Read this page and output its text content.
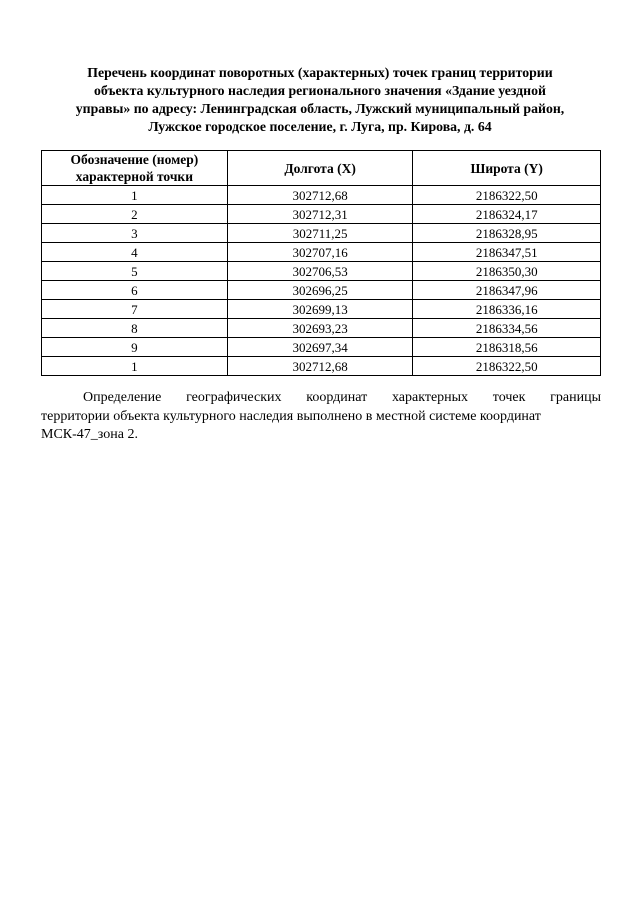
Перечень координат поворотных (характерных) точек границ территории
объекта культурного наследия регионального значения «Здание уездной
управы» по адресу: Ленинградская область, Лужский муниципальный район,
Лужское городское поселение, г. Луга, пр. Кирова, д. 64
Обозначение (номер) характерной точки	Долгота (X)	Широта (Y)
1	302712,68	2186322,50
2	302712,31	2186324,17
3	302711,25	2186328,95
4	302707,16	2186347,51
5	302706,53	2186350,30
6	302696,25	2186347,96
7	302699,13	2186336,16
8	302693,23	2186334,56
9	302697,34	2186318,56
1	302712,68	2186322,50
Определение географических координат характерных точек границы
территории объекта культурного наследия выполнено в местной системе координат
МСК-47_зона 2.
